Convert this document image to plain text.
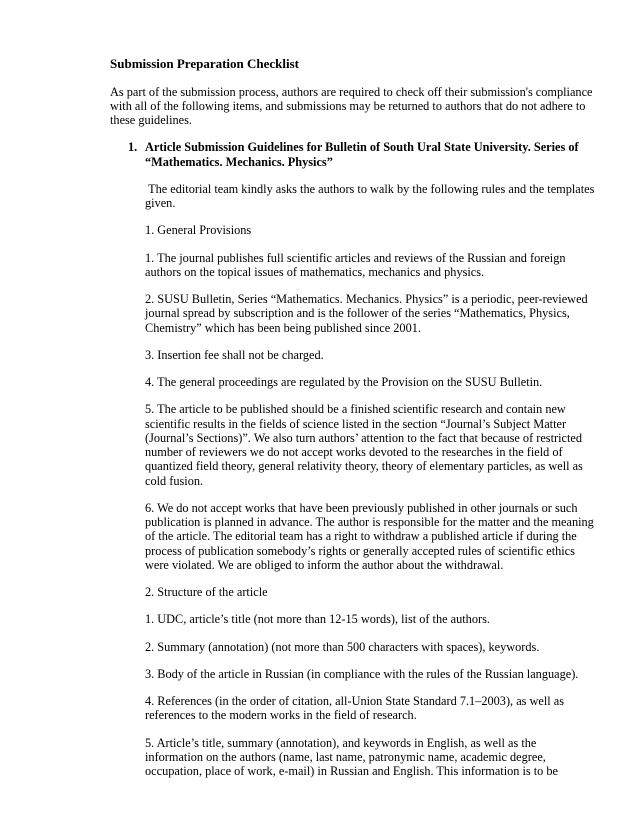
Submission Preparation Checklist

As part of the submission process, authors are required to check off their submission's compliance with all of the following items, and submissions may be returned to authors that do not adhere to these guidelines.

1. Article Submission Guidelines for Bulletin of South Ural State University. Series of “Mathematics. Mechanics. Physics”

The editorial team kindly asks the authors to walk by the following rules and the templates given.

1. General Provisions

1. The journal publishes full scientific articles and reviews of the Russian and foreign authors on the topical issues of mathematics, mechanics and physics.

2. SUSU Bulletin, Series “Mathematics. Mechanics. Physics” is a periodic, peer-reviewed journal spread by subscription and is the follower of the series “Mathematics, Physics, Chemistry” which has been being published since 2001.

3. Insertion fee shall not be charged.

4. The general proceedings are regulated by the Provision on the SUSU Bulletin.

5. The article to be published should be a finished scientific research and contain new scientific results in the fields of science listed in the section “Journal’s Subject Matter (Journal’s Sections)”. We also turn authors’ attention to the fact that because of restricted number of reviewers we do not accept works devoted to the researches in the field of quantized field theory, general relativity theory, theory of elementary particles, as well as cold fusion.

6. We do not accept works that have been previously published in other journals or such publication is planned in advance. The author is responsible for the matter and the meaning of the article. The editorial team has a right to withdraw a published article if during the process of publication somebody’s rights or generally accepted rules of scientific ethics were violated. We are obliged to inform the author about the withdrawal.

2. Structure of the article

1. UDC, article’s title (not more than 12-15 words), list of the authors.

2. Summary (annotation) (not more than 500 characters with spaces), keywords.

3. Body of the article in Russian (in compliance with the rules of the Russian language).

4. References (in the order of citation, all-Union State Standard 7.1–2003), as well as references to the modern works in the field of research.

5. Article’s title, summary (annotation), and keywords in English, as well as the information on the authors (name, last name, patronymic name, academic degree, occupation, place of work, e-mail) in Russian and English. This information is to be
